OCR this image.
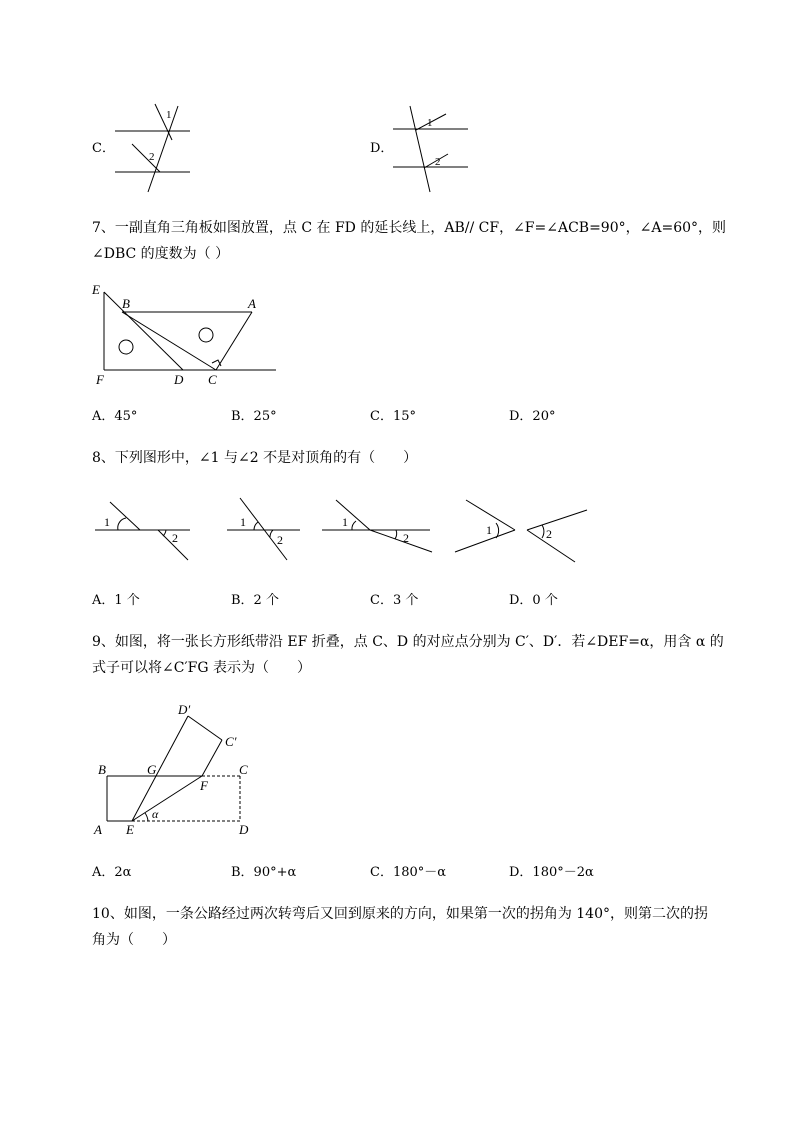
C．
1
2
D．
1
2
7、一副直角三角板如图放置，点 C 在 FD 的延长线上，AB// CF，∠F=∠ACB=90°，∠A=60°，则
∠DBC 的度数为（ ）
E
B	A
F	D C
A．45°	B．25°	C．15°	D．20°
8、下列图形中，∠1 与∠2 不是对顶角的有（　　）
1
2
1
2
1
2
1	2
A．1 个	B．2 个	C．3 个	D．0 个
9、如图，将一张长方形纸带沿 EF 折叠，点 C、D 的对应点分别为 C′、D′．若∠DEF=α，用含 α 的
式子可以将∠C′FG 表示为（　　）
D′
C′
B	G	C
F
A E	D
α
A．2α	B．90°+α	C．180°－α	D．180°－2α
10、如图，一条公路经过两次转弯后又回到原来的方向，如果第一次的拐角为 140°，则第二次的拐
角为（　　）
